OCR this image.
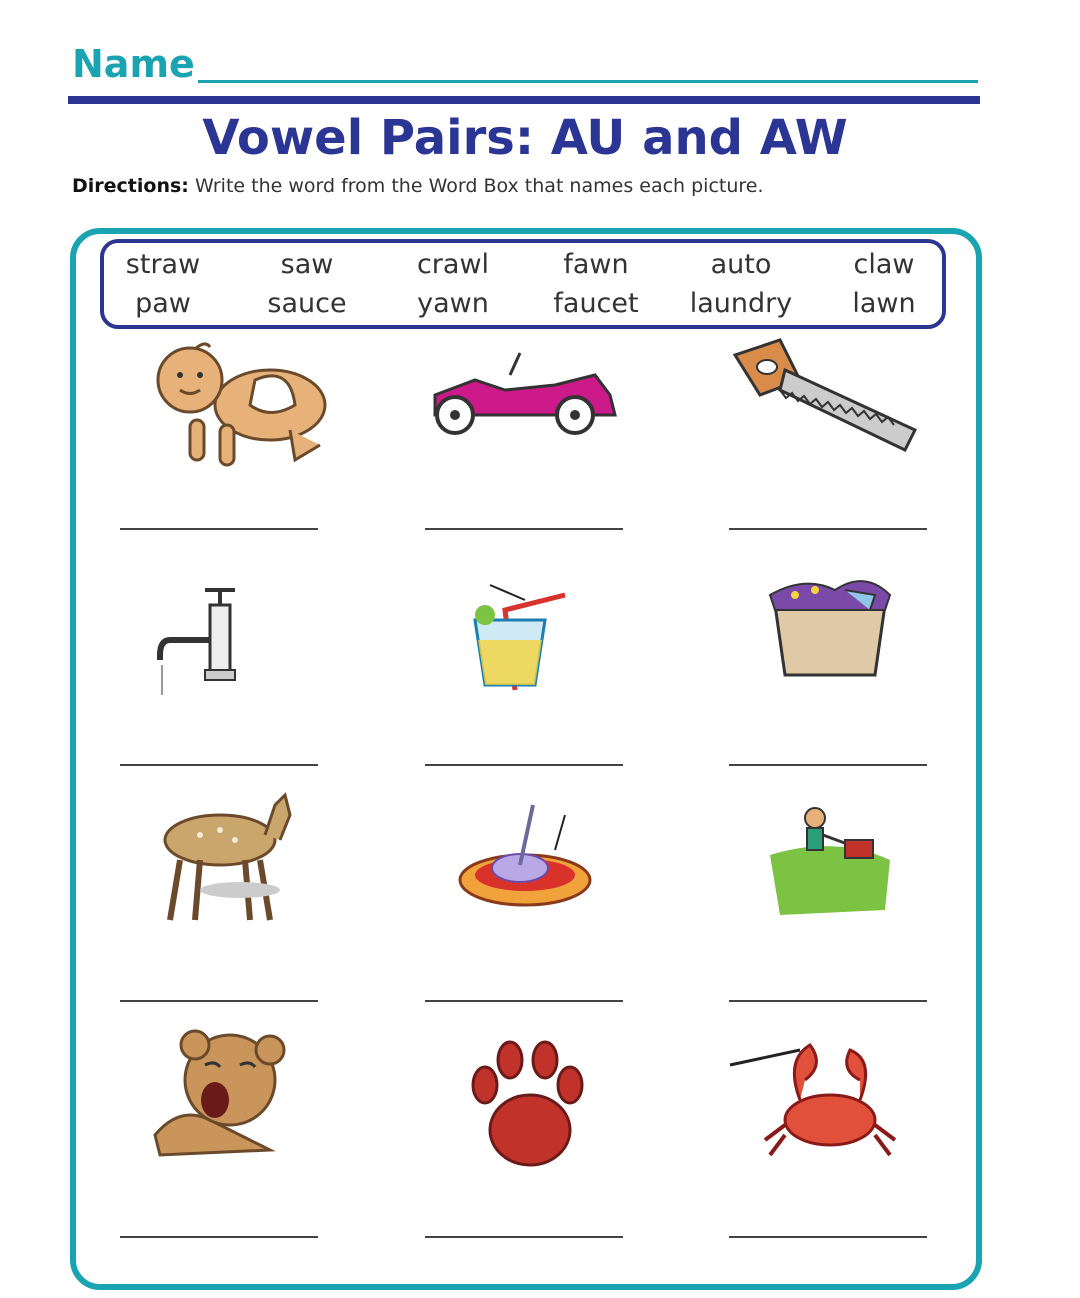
Name
Vowel Pairs: AU and AW
Directions: Write the word from the Word Box that names each picture.
straw	saw	crawl	fawn	auto	claw
paw	sauce	yawn	faucet	laundry	lawn
